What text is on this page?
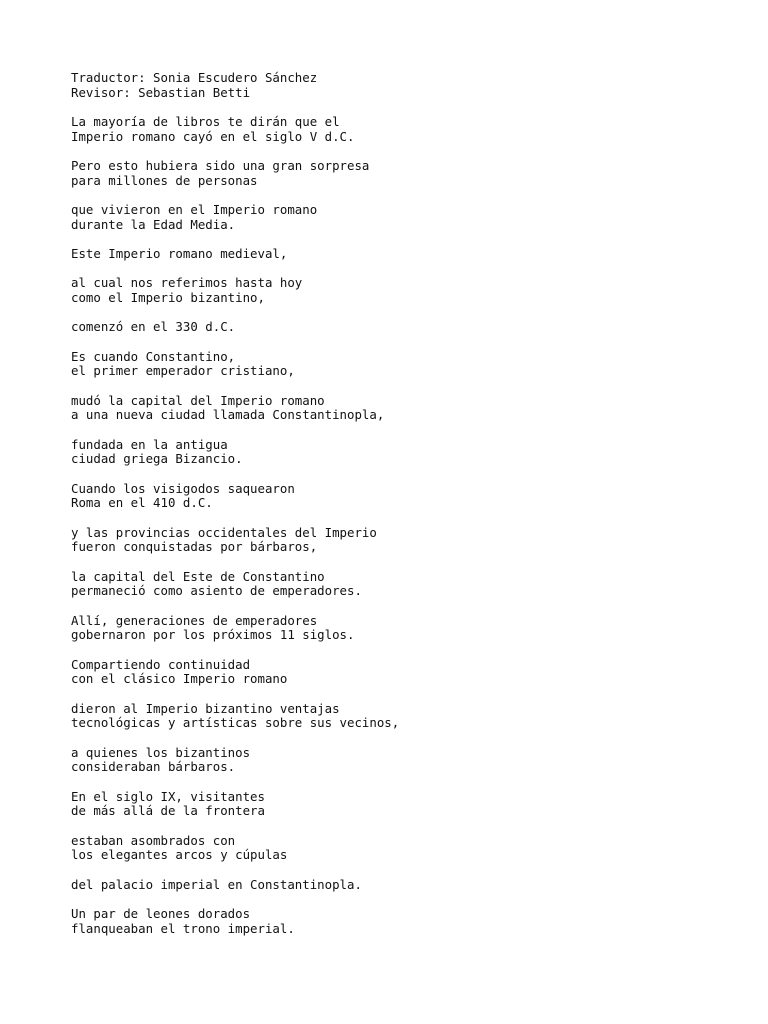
Traductor: Sonia Escudero Sánchez
Revisor: Sebastian Betti
La mayoría de libros te dirán que el
Imperio romano cayó en el siglo V d.C.
Pero esto hubiera sido una gran sorpresa
para millones de personas
que vivieron en el Imperio romano
durante la Edad Media.
Este Imperio romano medieval,
al cual nos referimos hasta hoy
como el Imperio bizantino,
comenzó en el 330 d.C.
Es cuando Constantino,
el primer emperador cristiano,
mudó la capital del Imperio romano
a una nueva ciudad llamada Constantinopla,
fundada en la antigua
ciudad griega Bizancio.
Cuando los visigodos saquearon
Roma en el 410 d.C.
y las provincias occidentales del Imperio
fueron conquistadas por bárbaros,
la capital del Este de Constantino
permaneció como asiento de emperadores.
Allí, generaciones de emperadores
gobernaron por los próximos 11 siglos.
Compartiendo continuidad
con el clásico Imperio romano
dieron al Imperio bizantino ventajas
tecnológicas y artísticas sobre sus vecinos,
a quienes los bizantinos
consideraban bárbaros.
En el siglo IX, visitantes
de más allá de la frontera
estaban asombrados con
los elegantes arcos y cúpulas
del palacio imperial en Constantinopla.
Un par de leones dorados
flanqueaban el trono imperial.
